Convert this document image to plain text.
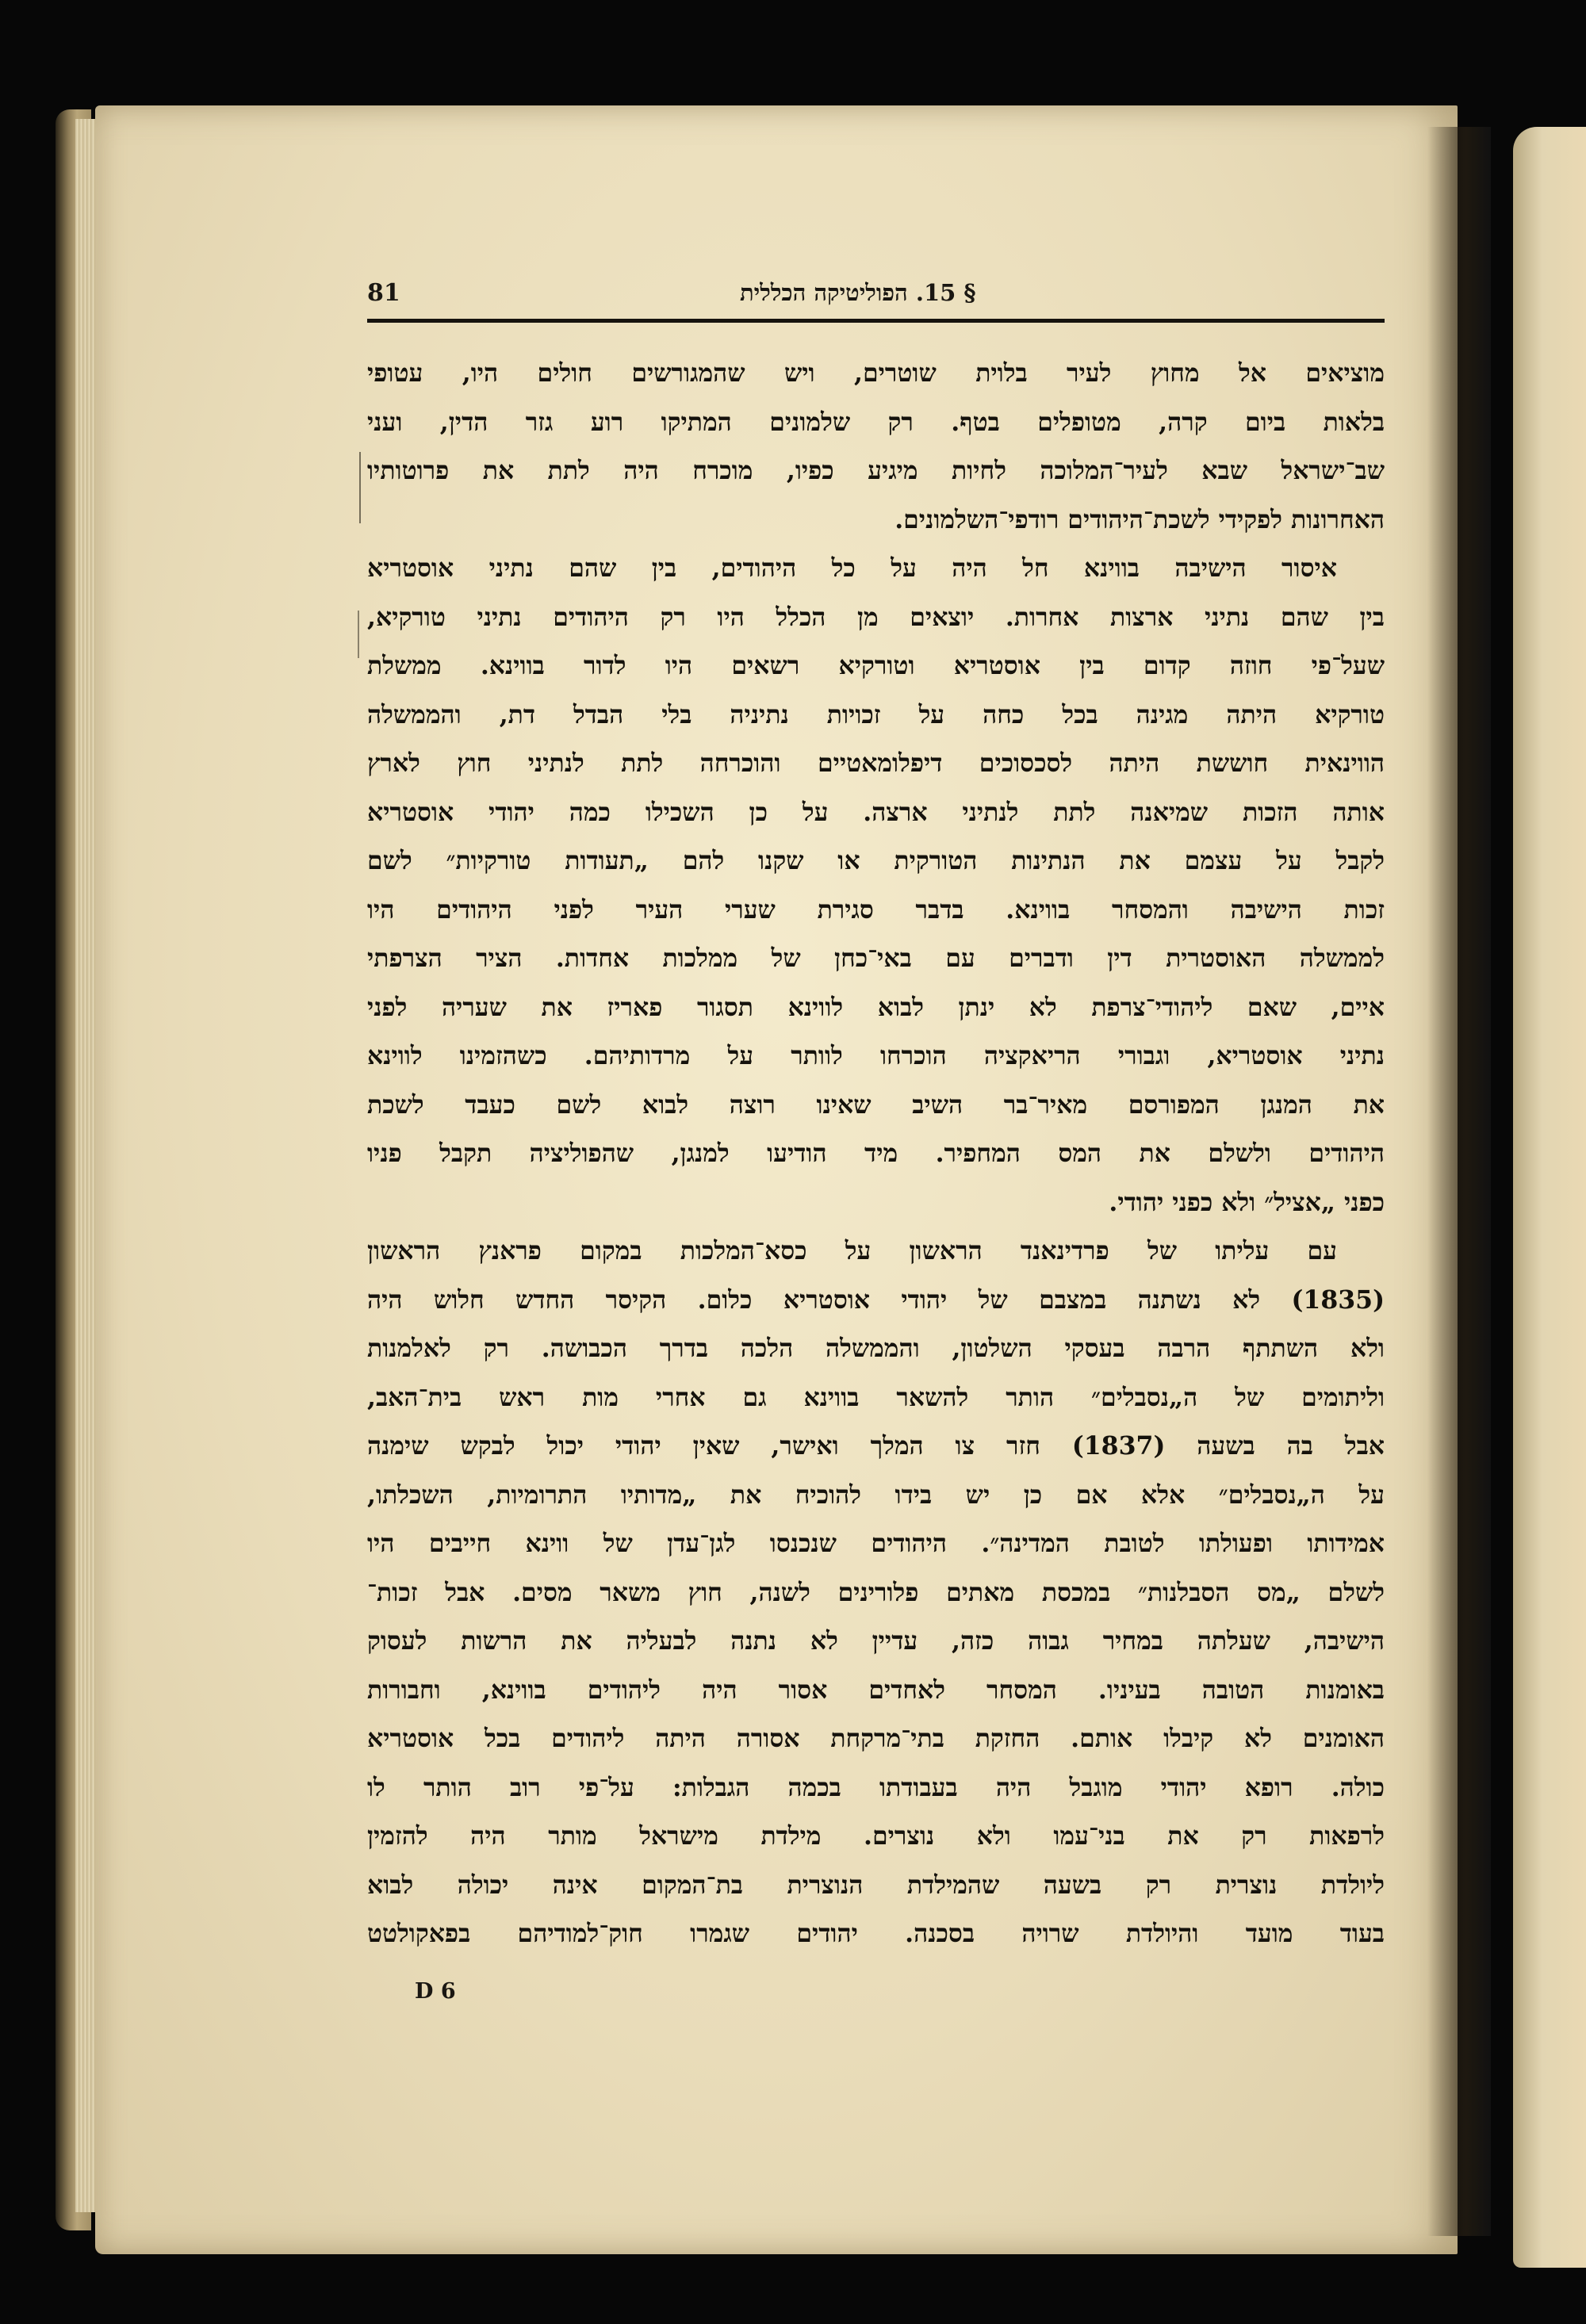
81	§ 15. הפוליטיקה הכללית
מוציאים אל מחוץ לעיר בלוית שוטרים, ויש שהמגורשים חולים היו, עטופי
בלאות ביום קרה, מטופלים בטף. רק שלמונים המתיקו רוע גזר הדין, ועני
שב־ישראל שבא לעיר־המלוכה לחיות מיגיע כפיו, מוכרח היה לתת את פרוטותיו
האחרונות לפקידי לשכת־היהודים רודפי־השלמונים.
איסור הישיבה בווינא חל היה על כל היהודים, בין שהם נתיני אוסטריא
בין שהם נתיני ארצות אחרות. יוצאים מן הכלל היו רק היהודים נתיני טורקיא,
שעל־פי חוזה קדום בין אוסטריא וטורקיא רשאים היו לדור בווינא. ממשלת
טורקיא היתה מגינה בכל כחה על זכויות נתיניה בלי הבדל דת, והממשלה
הווינאית חוששת היתה לסכסוכים דיפלומאטיים והוכרחה לתת לנתיני חוץ לארץ
אותה הזכות שמיאנה לתת לנתיני ארצה. על כן השכילו כמה יהודי אוסטריא
לקבל על עצמם את הנתינות הטורקית או שקנו להם „תעודות טורקיות״ לשם
זכות הישיבה והמסחר בווינא. בדבר סגירת שערי העיר לפני היהודים היו
לממשלה האוסטרית דין ודברים עם באי־כחן של ממלכות אחדות. הציר הצרפתי
איים, שאם ליהודי־צרפת לא ינתן לבוא לווינא תסגור פאריז את שעריה לפני
נתיני אוסטריא, וגבורי הריאקציה הוכרחו לוותר על מרדותיהם. כשהזמינו לווינא
את המנגן המפורסם מאיר־בר השיב שאינו רוצה לבוא לשם כעבד לשכת
היהודים ולשלם את המס המחפיר. מיד הודיעו למנגן, שהפוליציה תקבל פניו
כפני „אציל״ ולא כפני יהודי.
עם עליתו של פרדינאנד הראשון על כסא־המלכות במקום פראנץ הראשון
(1835) לא נשתנה במצבם של יהודי אוסטריא כלום. הקיסר החדש חלוש היה
ולא השתתף הרבה בעסקי השלטון, והממשלה הלכה בדרך הכבושה. רק לאלמנות
וליתומים של ה„נסבלים״ הותר להשאר בווינא גם אחרי מות ראש בית־האב,
אבל בה בשעה (1837) חזר צו המלך ואישר, שאין יהודי יכול לבקש שימנה
על ה„נסבלים״ אלא אם כן יש בידו להוכיח את „מדותיו התרומיות, השכלתו,
אמידותו ופעולתו לטובת המדינה״. היהודים שנכנסו לגן־עדן של ווינא חייבים היו
לשלם „מס הסבלנות״ במכסת מאתים פלורינים לשנה, חוץ משאר מסים. אבל זכות־
הישיבה, שעלתה במחיר גבוה כזה, עדיין לא נתנה לבעליה את הרשות לעסוק
באומנות הטובה בעיניו. המסחר לאחדים אסור היה ליהודים בווינא, וחבורות
האומנים לא קיבלו אותם. החזקת בתי־מרקחת אסורה היתה ליהודים בכל אוסטריא
כולה. רופא יהודי מוגבל היה בעבודתו בכמה הגבלות: על־פי רוב הותר לו
לרפאות רק את בני־עמו ולא נוצרים. מילדת מישראל מותר היה להזמין
ליולדת נוצרית רק בשעה שהמילדת הנוצרית בת־המקום אינה יכולה לבוא
בעוד מועד והיולדת שרויה בסכנה. יהודים שגמרו חוק־למודיהם בפאקולטט
D 6
